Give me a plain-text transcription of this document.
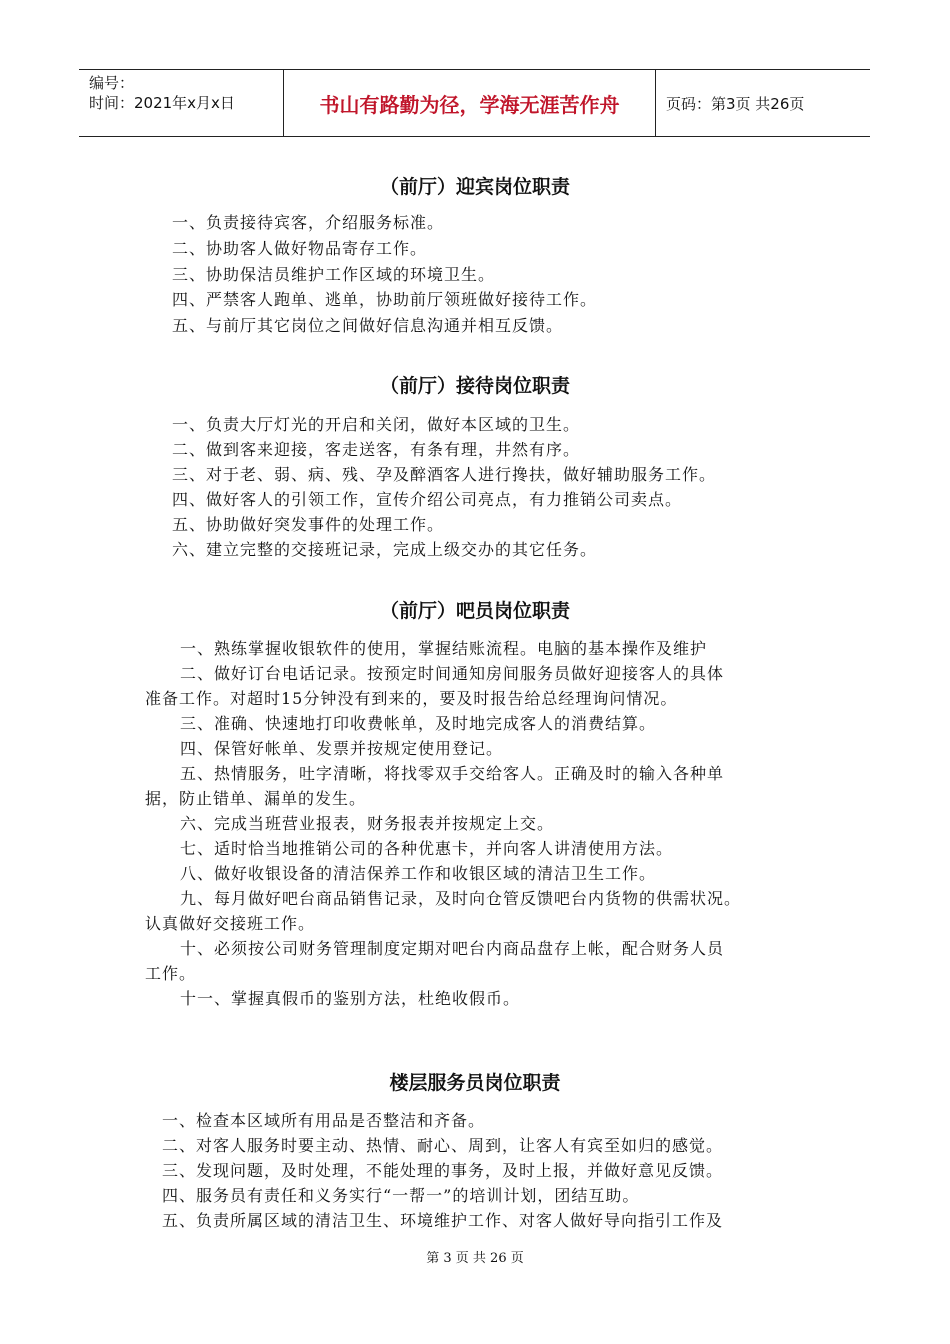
编号：
时间：2021年x月x日	书山有路勤为径，学海无涯苦作舟	页码：第3页 共26页
（前厅）迎宾岗位职责
一、负责接待宾客，介绍服务标准。
二、协助客人做好物品寄存工作。
三、协助保洁员维护工作区域的环境卫生。
四、严禁客人跑单、逃单，协助前厅领班做好接待工作。
五、与前厅其它岗位之间做好信息沟通并相互反馈。
（前厅）接待岗位职责
一、负责大厅灯光的开启和关闭，做好本区域的卫生。
二、做到客来迎接，客走送客，有条有理，井然有序。
三、对于老、弱、病、残、孕及醉酒客人进行搀扶，做好辅助服务工作。
四、做好客人的引领工作，宣传介绍公司亮点，有力推销公司卖点。
五、协助做好突发事件的处理工作。
六、建立完整的交接班记录，完成上级交办的其它任务。
（前厅）吧员岗位职责
一、熟练掌握收银软件的使用，掌握结账流程。电脑的基本操作及维护
二、做好订台电话记录。按预定时间通知房间服务员做好迎接客人的具体
准备工作。对超时15分钟没有到来的，要及时报告给总经理询问情况。
三、准确、快速地打印收费帐单，及时地完成客人的消费结算。
四、保管好帐单、发票并按规定使用登记。
五、热情服务，吐字清晰，将找零双手交给客人。正确及时的输入各种单
据，防止错单、漏单的发生。
六、完成当班营业报表，财务报表并按规定上交。
七、适时恰当地推销公司的各种优惠卡，并向客人讲清使用方法。
八、做好收银设备的清洁保养工作和收银区域的清洁卫生工作。
九、每月做好吧台商品销售记录，及时向仓管反馈吧台内货物的供需状况。
认真做好交接班工作。
十、必须按公司财务管理制度定期对吧台内商品盘存上帐，配合财务人员
工作。
十一、掌握真假币的鉴别方法，杜绝收假币。
楼层服务员岗位职责
一、检查本区域所有用品是否整洁和齐备。
二、对客人服务时要主动、热情、耐心、周到，让客人有宾至如归的感觉。
三、发现问题，及时处理，不能处理的事务，及时上报，并做好意见反馈。
四、服务员有责任和义务实行“一帮一”的培训计划，团结互助。
五、负责所属区域的清洁卫生、环境维护工作、对客人做好导向指引工作及
第 3 页 共 26 页
